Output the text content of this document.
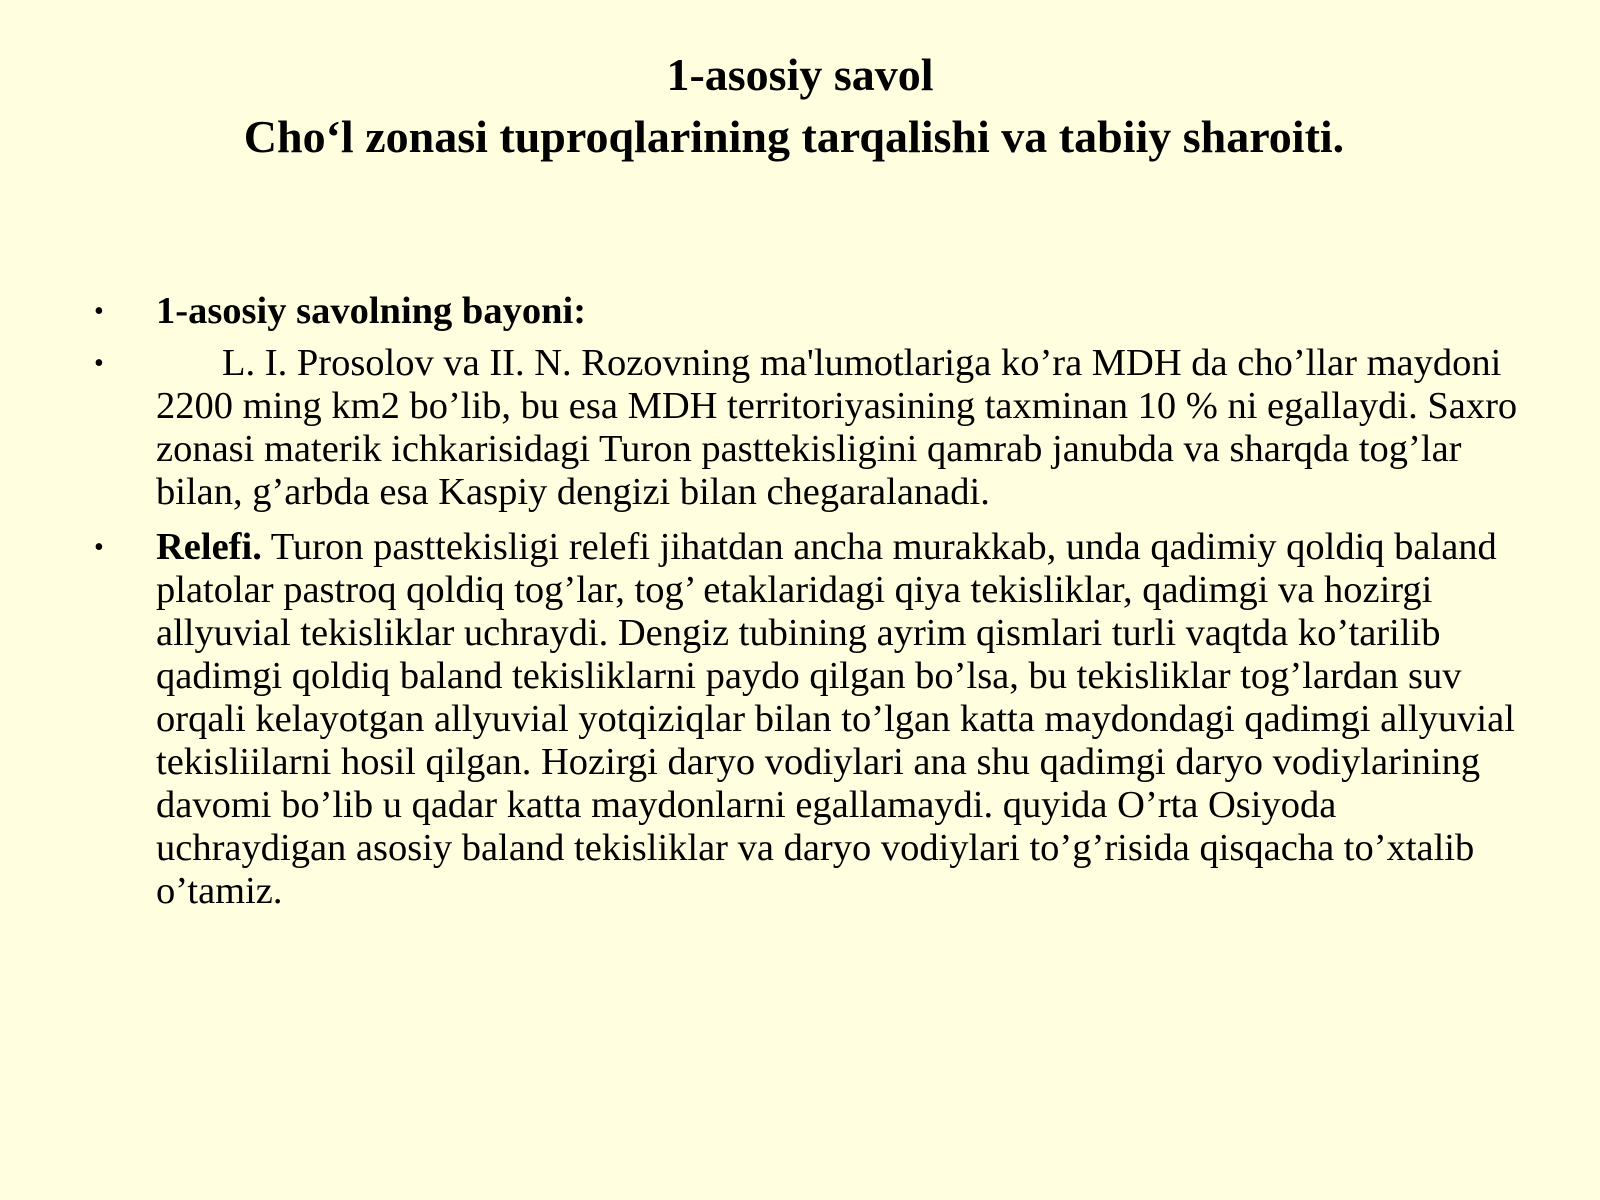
1-asosiy savol
Cho‘l zonasi tuproqlarining tarqalishi va tabiiy sharoiti.
• 1-asosiy savolning bayoni:
•	L. I. Prosolov va II. N. Rozovning ma'lumotlariga ko’ra MDH da cho’llar maydoni 2200 ming km2 bo’lib, bu esa MDH territoriyasining taxminan 10 % ni egallaydi. Saxro zonasi materik ichkarisidagi Turon pasttekisligini qamrab janubda va sharqda tog’lar bilan, g’arbda esa Kaspiy dengizi bilan chegaralanadi.
• Relefi. Turon pasttekisligi relefi jihatdan ancha murakkab, unda qadimiy qoldiq baland platolar pastroq qoldiq tog’lar, tog’ etaklaridagi qiya tekisliklar, qadimgi va hozirgi allyuvial tekisliklar uchraydi. Dengiz tubining ayrim qismlari turli vaqtda ko’tarilib qadimgi qoldiq baland tekisliklarni paydo qilgan bo’lsa, bu tekisliklar tog’lardan suv orqali kelayotgan allyuvial yotqiziqlar bilan to’lgan katta maydondagi qadimgi allyuvial tekisliilarni hosil qilgan. Hozirgi daryo vodiylari ana shu qadimgi daryo vodiylarining davomi bo’lib u qadar katta maydonlarni egallamaydi. quyida O’rta Osiyoda uchraydigan asosiy baland tekisliklar va daryo vodiylari to’g’risida qisqacha to’xtalib o’tamiz.
